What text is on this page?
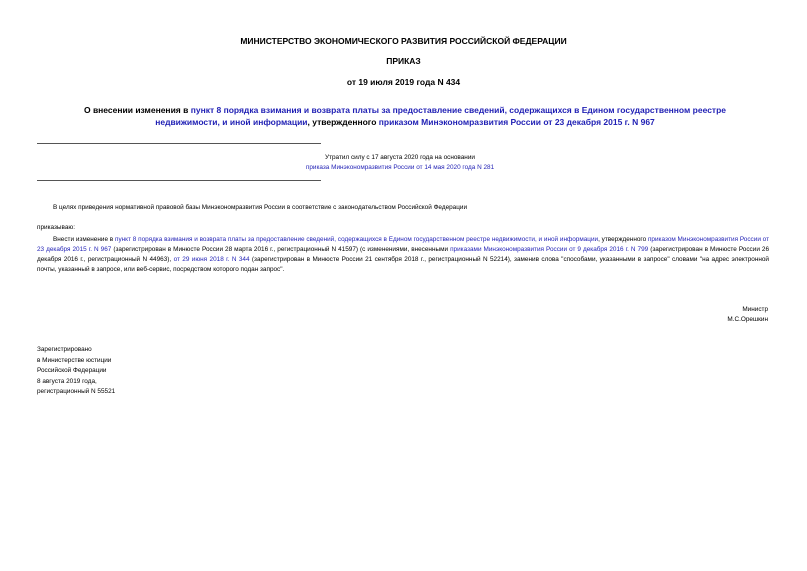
МИНИСТЕРСТВО ЭКОНОМИЧЕСКОГО РАЗВИТИЯ РОССИЙСКОЙ ФЕДЕРАЦИИ
ПРИКАЗ
от 19 июля 2019 года N 434
О внесении изменения в пункт 8 порядка взимания и возврата платы за предоставление сведений, содержащихся в Едином государственном реестре недвижимости, и иной информации, утвержденного приказом Минэкономразвития России от 23 декабря 2015 г. N 967
Утратил силу с 17 августа 2020 года на основании
приказа Минэкономразвития России от 14 мая 2020 года N 281
В целях приведения нормативной правовой базы Минэкономразвития России в соответствие с законодательством Российской Федерации
приказываю:
Внести изменение в пункт 8 порядка взимания и возврата платы за предоставление сведений, содержащихся в Едином государственном реестре недвижимости, и иной информации, утвержденного приказом Минэкономразвития России от 23 декабря 2015 г. N 967 (зарегистрирован в Минюсте России 28 марта 2016 г., регистрационный N 41597) (с изменениями, внесенными приказами Минэкономразвития России от 9 декабря 2016 г. N 799 (зарегистрирован в Минюсте России 26 декабря 2016 г., регистрационный N 44963), от 29 июня 2018 г. N 344 (зарегистрирован в Минюсте России 21 сентября 2018 г., регистрационный N 52214), заменив слова "способами, указанными в запросе" словами "на адрес электронной почты, указанный в запросе, или веб-сервис, посредством которого подан запрос".
Министр
М.С.Орешкин
Зарегистрировано
в Министерстве юстиции
Российской Федерации
8 августа 2019 года,
регистрационный N 55521
